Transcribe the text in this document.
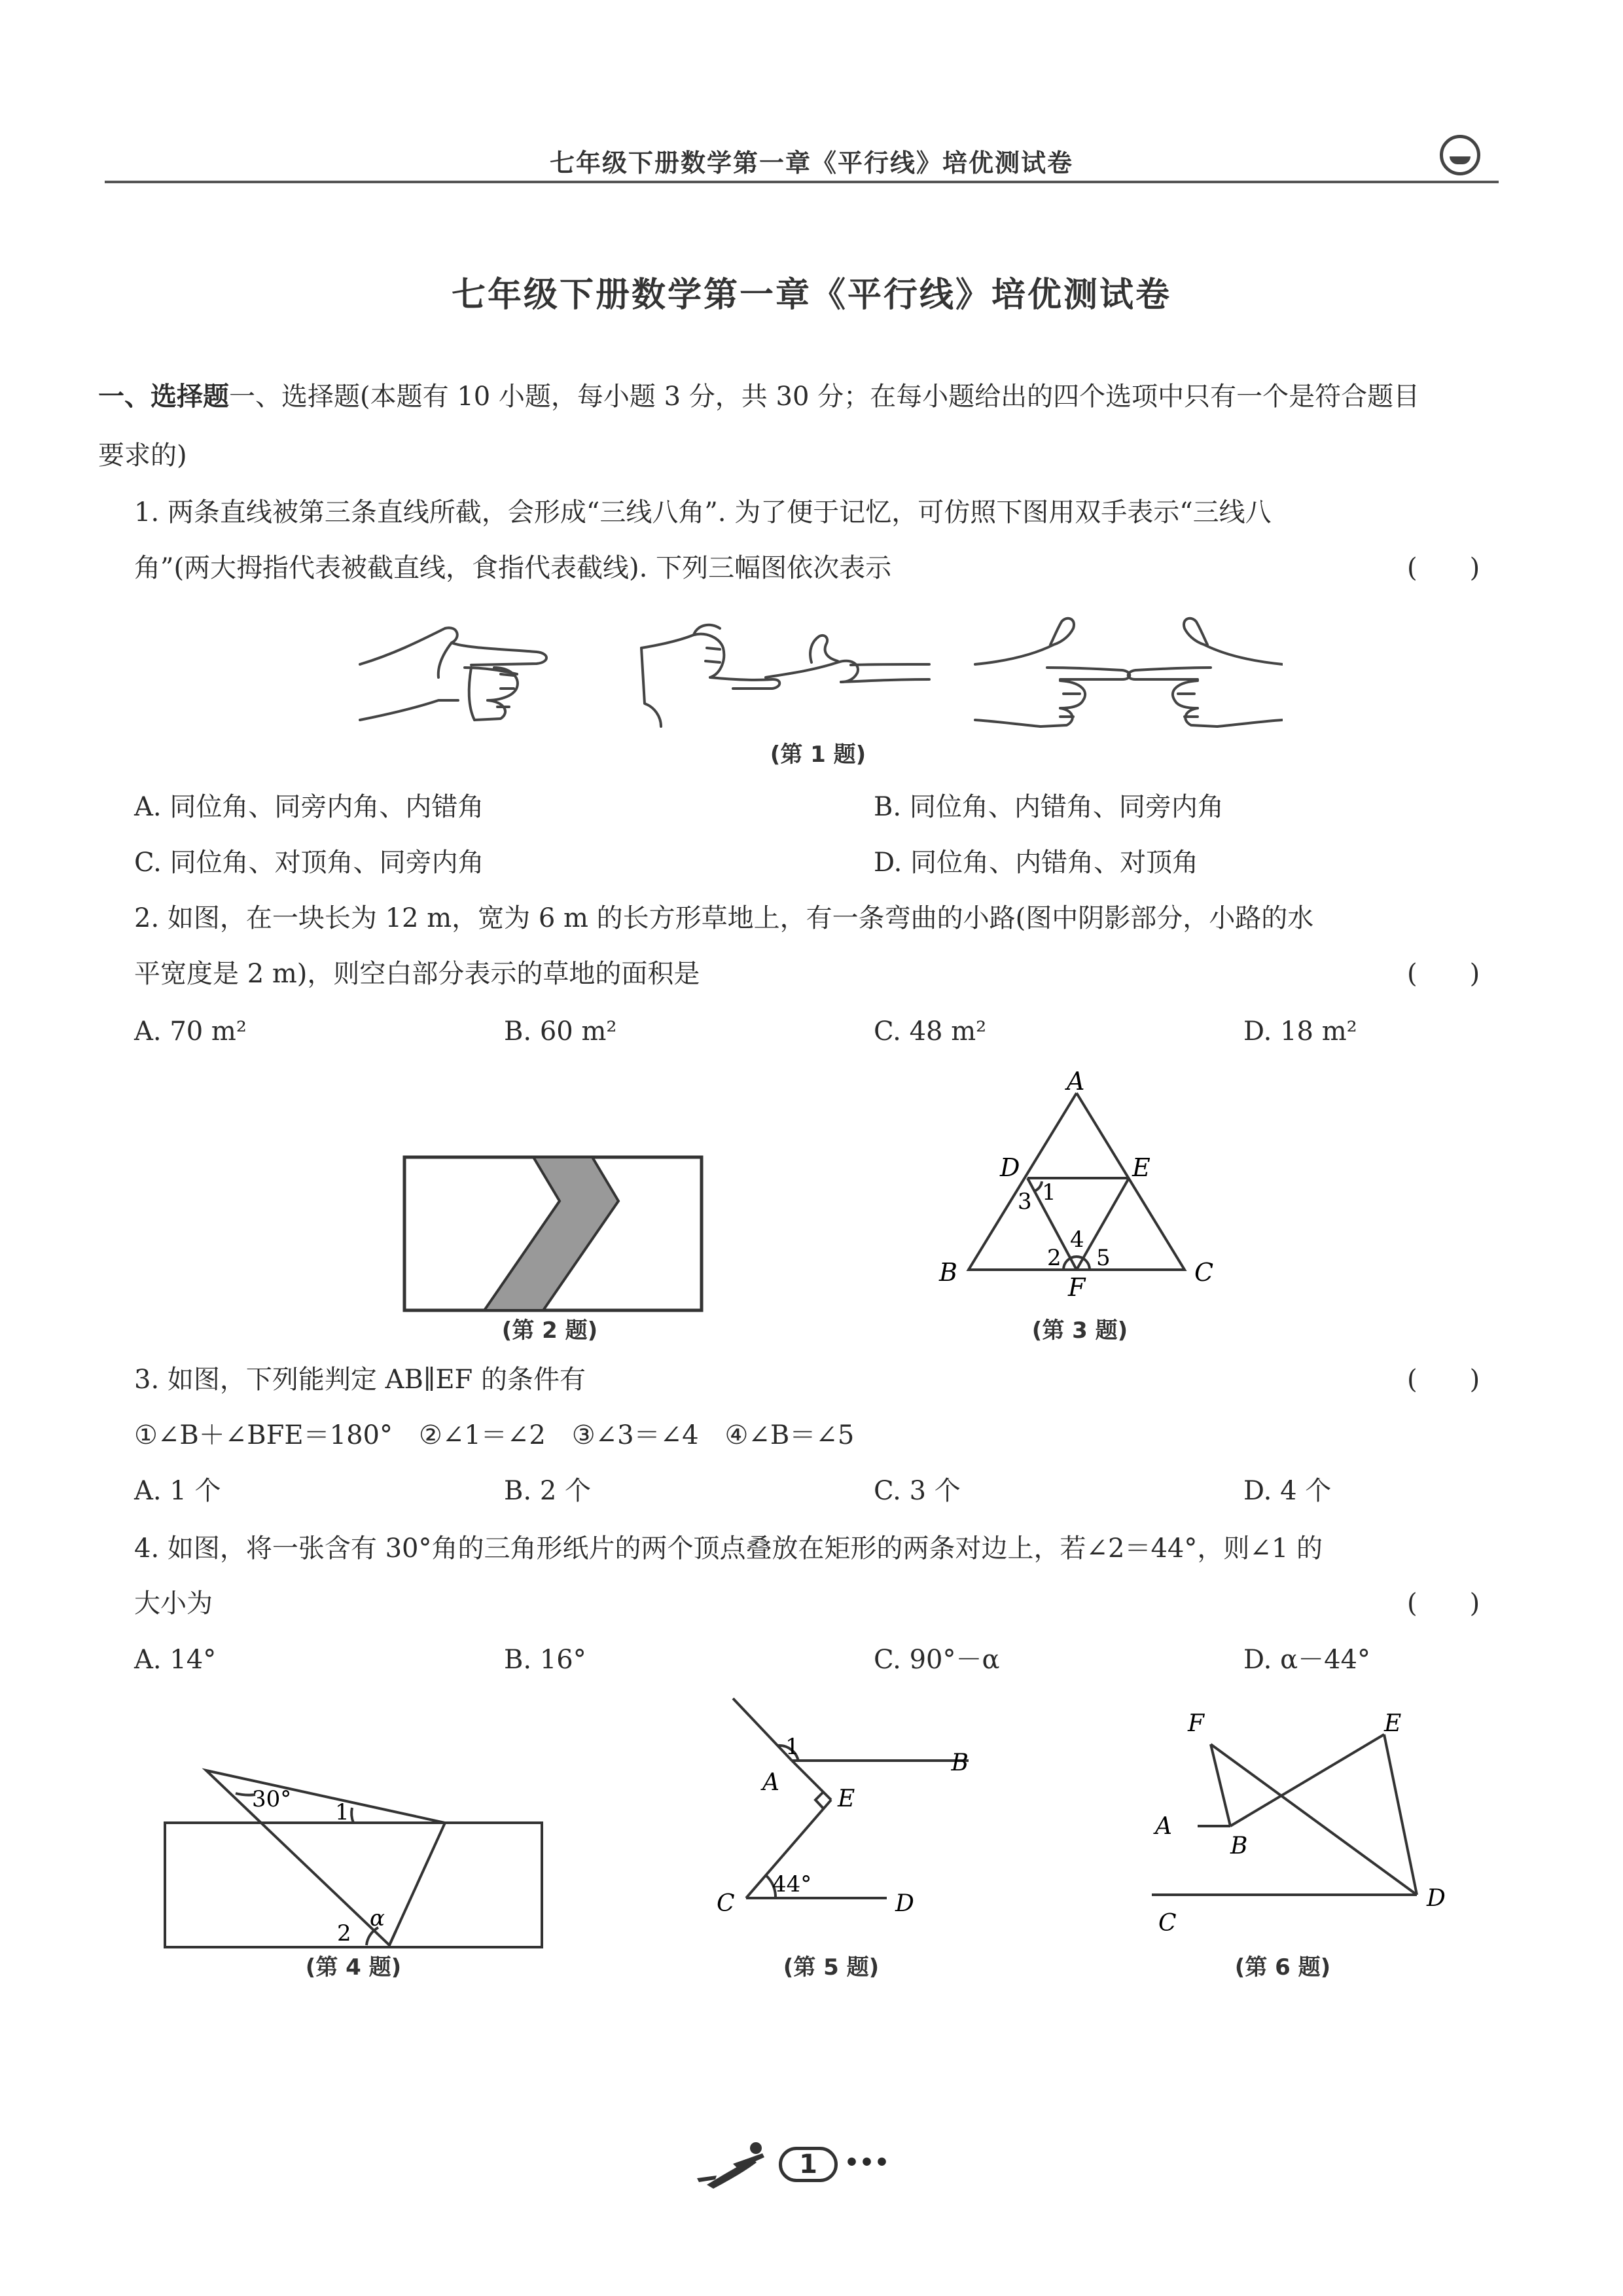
七年级下册数学第一章《平行线》培优测试卷
七年级下册数学第一章《平行线》培优测试卷
一、选择题一、选择题(本题有 10 小题，每小题 3 分，共 30 分；在每小题给出的四个选项中只有一个是符合题目
要求的)
1. 两条直线被第三条直线所截，会形成“三线八角”. 为了便于记忆，可仿照下图用双手表示“三线八
角”(两大拇指代表被截直线，食指代表截线). 下列三幅图依次表示	(　　)
(第 1 题)
A. 同位角、同旁内角、内错角	B. 同位角、内错角、同旁内角
C. 同位角、对顶角、同旁内角	D. 同位角、内错角、对顶角
2. 如图，在一块长为 12 m，宽为 6 m 的长方形草地上，有一条弯曲的小路(图中阴影部分，小路的水
平宽度是 2 m)，则空白部分表示的草地的面积是	(　　)
A. 70 m²	B. 60 m²	C. 48 m²	D. 18 m²
(第 2 题)
A
B	C
D	E
F
1
3
4
2 5
(第 3 题)
3. 如图，下列能判定 AB∥EF 的条件有	(　　)
①∠B＋∠BFE＝180°　②∠1＝∠2　③∠3＝∠4　④∠B＝∠5
A. 1 个	B. 2 个	C. 3 个	D. 4 个
4. 如图，将一张含有 30°角的三角形纸片的两个顶点叠放在矩形的两条对边上，若∠2＝44°，则∠1 的
大小为	(　　)
A. 14°	B. 16°	C. 90°－α	D. α－44°
30° 1
2
α
(第 4 题)
1
A
B
E
44°
C	D
(第 5 题)
F	E
A
B
C
D
(第 6 题)
1	•••
